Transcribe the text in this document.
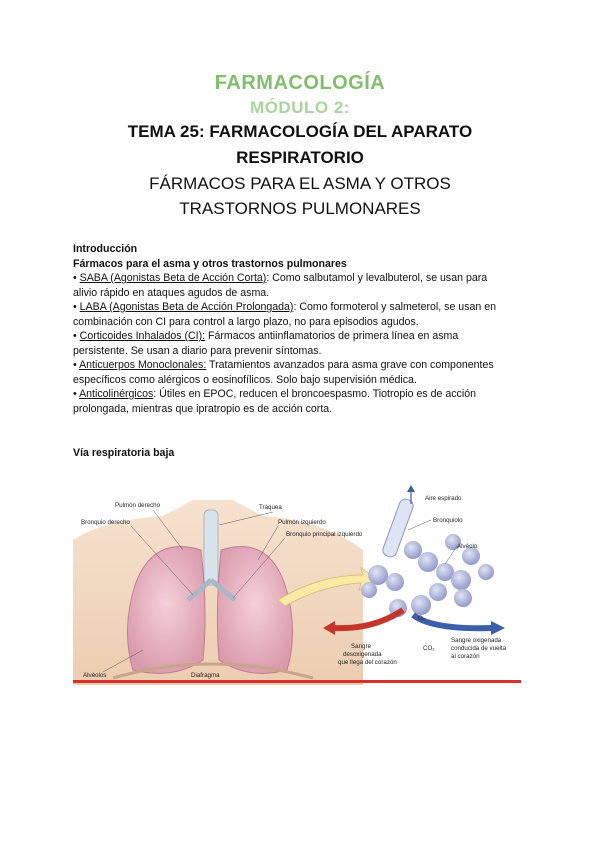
FARMACOLOGÍA
MÓDULO 2:
TEMA 25: FARMACOLOGÍA DEL APARATO
RESPIRATORIO
FÁRMACOS PARA EL ASMA Y OTROS
TRASTORNOS PULMONARES
Introducción
Fármacos para el asma y otros trastornos pulmonares
• SABA (Agonistas Beta de Acción Corta): Como salbutamol y levalbuterol, se usan para
alivio rápido en ataques agudos de asma.
• LABA (Agonistas Beta de Acción Prolongada): Como formoterol y salmeterol, se usan en
combinación con CI para control a largo plazo, no para episodios agudos.
• Corticoides Inhalados (CI): Fármacos antiinflamatorios de primera línea en asma
persistente. Se usan a diario para prevenir síntomas.
• Anticuerpos Monoclonales: Tratamientos avanzados para asma grave con componentes
específicos como alérgicos o eosinofílicos. Solo bajo supervisión médica.
• Anticolinérgicos: Útiles en EPOC, reducen el broncoespasmo. Tiotropio es de acción
prolongada, mientras que ipratropio es de acción corta.
Vía respiratoria baja
Pulmón derecho	Tráquea
Bronquio derecho	Pulmón izquierdo
Bronquio principal izquierdo
Alvéolos	Diafragma
Aire espirado
Bronquiolo
Alvéolo
O₂
CO₂
Sangre
desoxigenada
que llega del corazón
Sangre oxigenada
conducida de vuelta
al corazón
